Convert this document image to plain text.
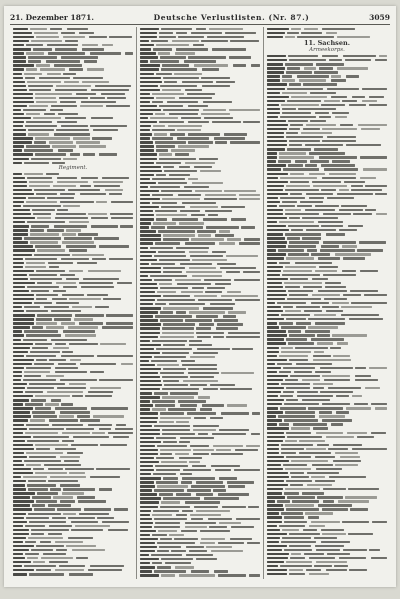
21. Dezember 1871.	Deutsche Verlustlisten. (Nr. 87.)	3059
Regiment.
11. Sachsen.
Armeekorps.
